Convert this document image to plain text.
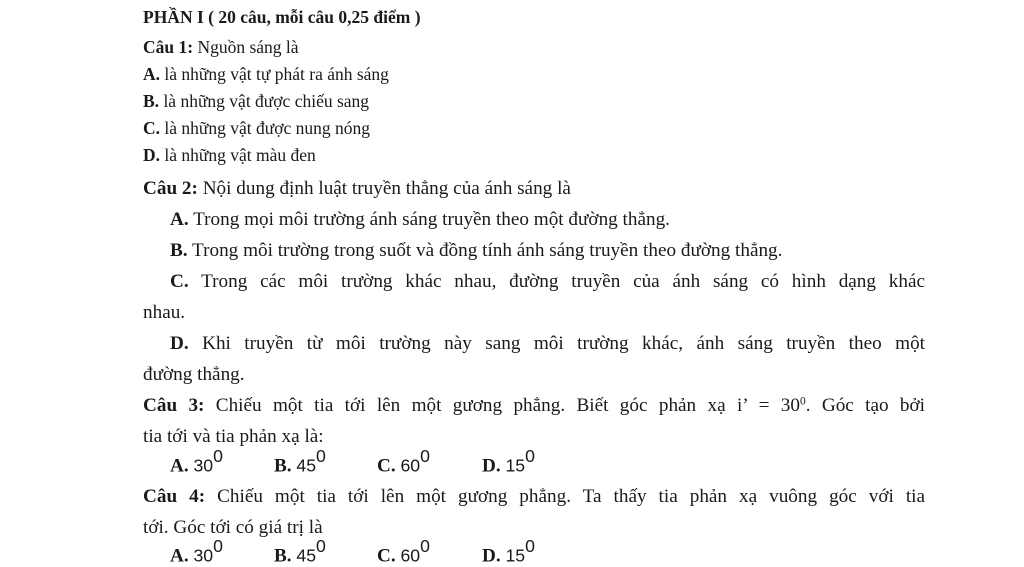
PHẦN I ( 20 câu, mỗi câu 0,25 điểm )
Câu 1: Nguồn sáng là
A. là những vật tự phát ra ánh sáng
B. là những vật được chiếu sang
C. là những vật được nung nóng
D. là những vật màu đen
Câu 2: Nội dung định luật truyền thẳng của ánh sáng là
A. Trong mọi môi trường ánh sáng truyền theo một đường thẳng.
B. Trong môi trường trong suốt và đồng tính ánh sáng truyền theo đường thẳng.
C. Trong các môi trường khác nhau, đường truyền của ánh sáng có hình dạng khác
nhau.
D. Khi truyền từ môi trường này sang môi trường khác, ánh sáng truyền theo một
đường thẳng.
Câu 3: Chiếu một tia tới lên một gương phẳng. Biết góc phản xạ i’ = $30^0$. Góc tạo bởi
tia tới và tia phản xạ là:
A. 300	B. 450	C. 600	D. 150
Câu 4: Chiếu một tia tới lên một gương phẳng. Ta thấy tia phản xạ vuông góc với tia
tới. Góc tới có giá trị là
A. 300	B. 450	C. 600	D. 150
